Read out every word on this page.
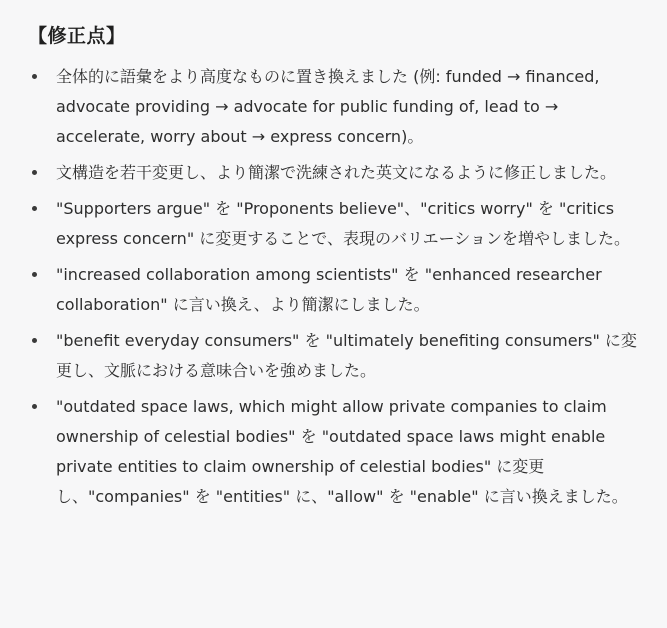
【修正点】
全体的に語彙をより高度なものに置き換えました (例: funded → financed, advocate providing → advocate for public funding of, lead to → accelerate, worry about → express concern)。
文構造を若干変更し、より簡潔で洗練された英文になるように修正しました。
"Supporters argue" を "Proponents believe"、"critics worry" を "critics express concern" に変更することで、表現のバリエーションを増やしました。
"increased collaboration among scientists" を "enhanced researcher collaboration" に言い換え、より簡潔にしました。
"benefit everyday consumers" を "ultimately benefiting consumers" に変更し、文脈における意味合いを強めました。
"outdated space laws, which might allow private companies to claim ownership of celestial bodies" を "outdated space laws might enable private entities to claim ownership of celestial bodies" に変更し、"companies" を "entities" に、"allow" を "enable" に言い換えました。
